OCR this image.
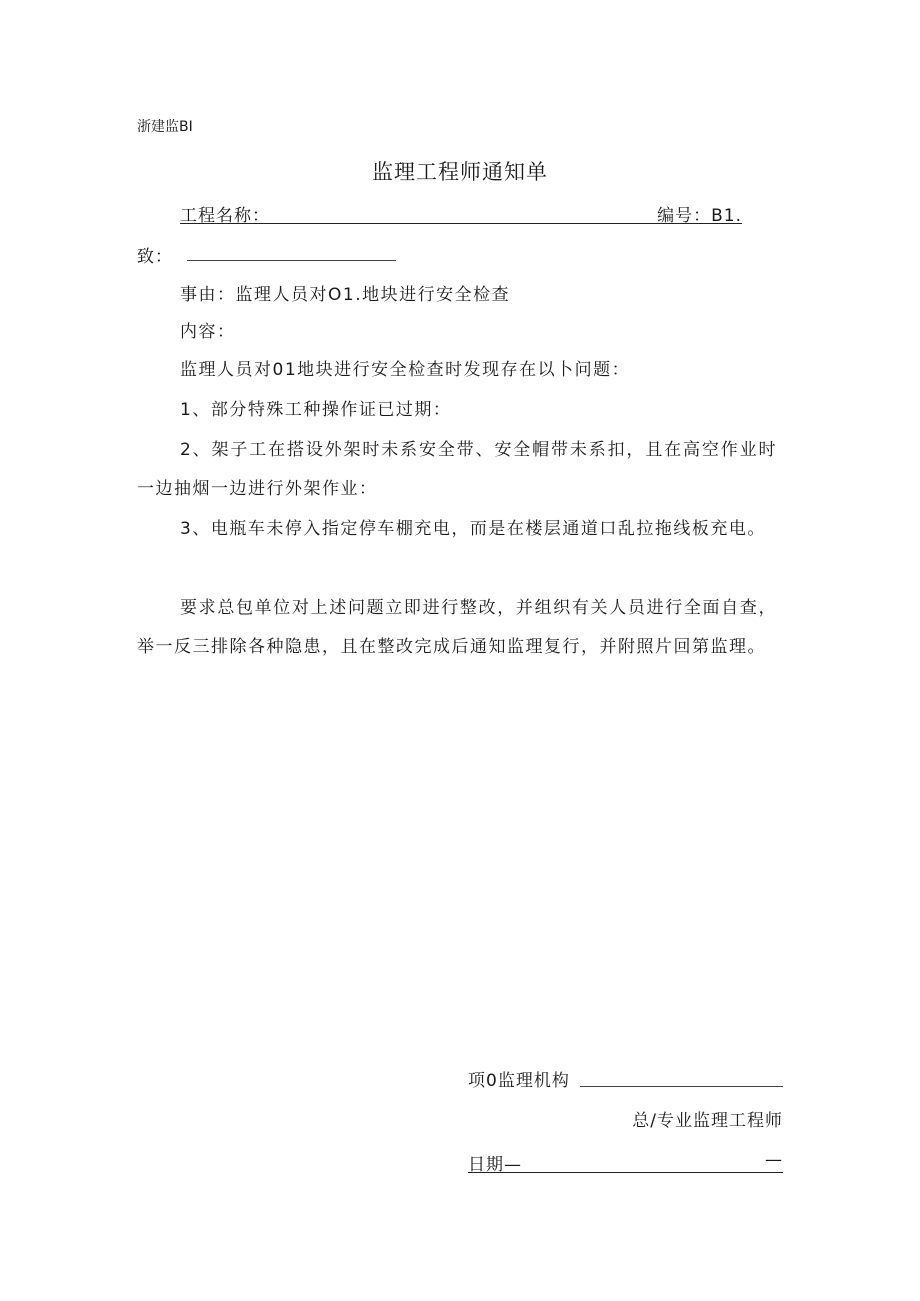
浙建监BI
监理工程师通知单
工程名称：	编号：B1.
致：
事由：监理人员对O1.地块进行安全检查
内容：
监理人员对01地块进行安全检查时发现存在以卜问题：
1、部分特殊工种操作证已过期：
2、架子工在搭设外架时未系安全带、安全帽带未系扣，且在高空作业时一边抽烟一边进行外架作业：
3、电瓶车未停入指定停车棚充电，而是在楼层通道口乱拉拖线板充电。
要求总包单位对上述问题立即进行整改，并组织有关人员进行全面自查，举一反三排除各种隐患，且在整改完成后通知监理复行，并附照片回第监理。
项0监理机构
总/专业监理工程师
日期—	—
